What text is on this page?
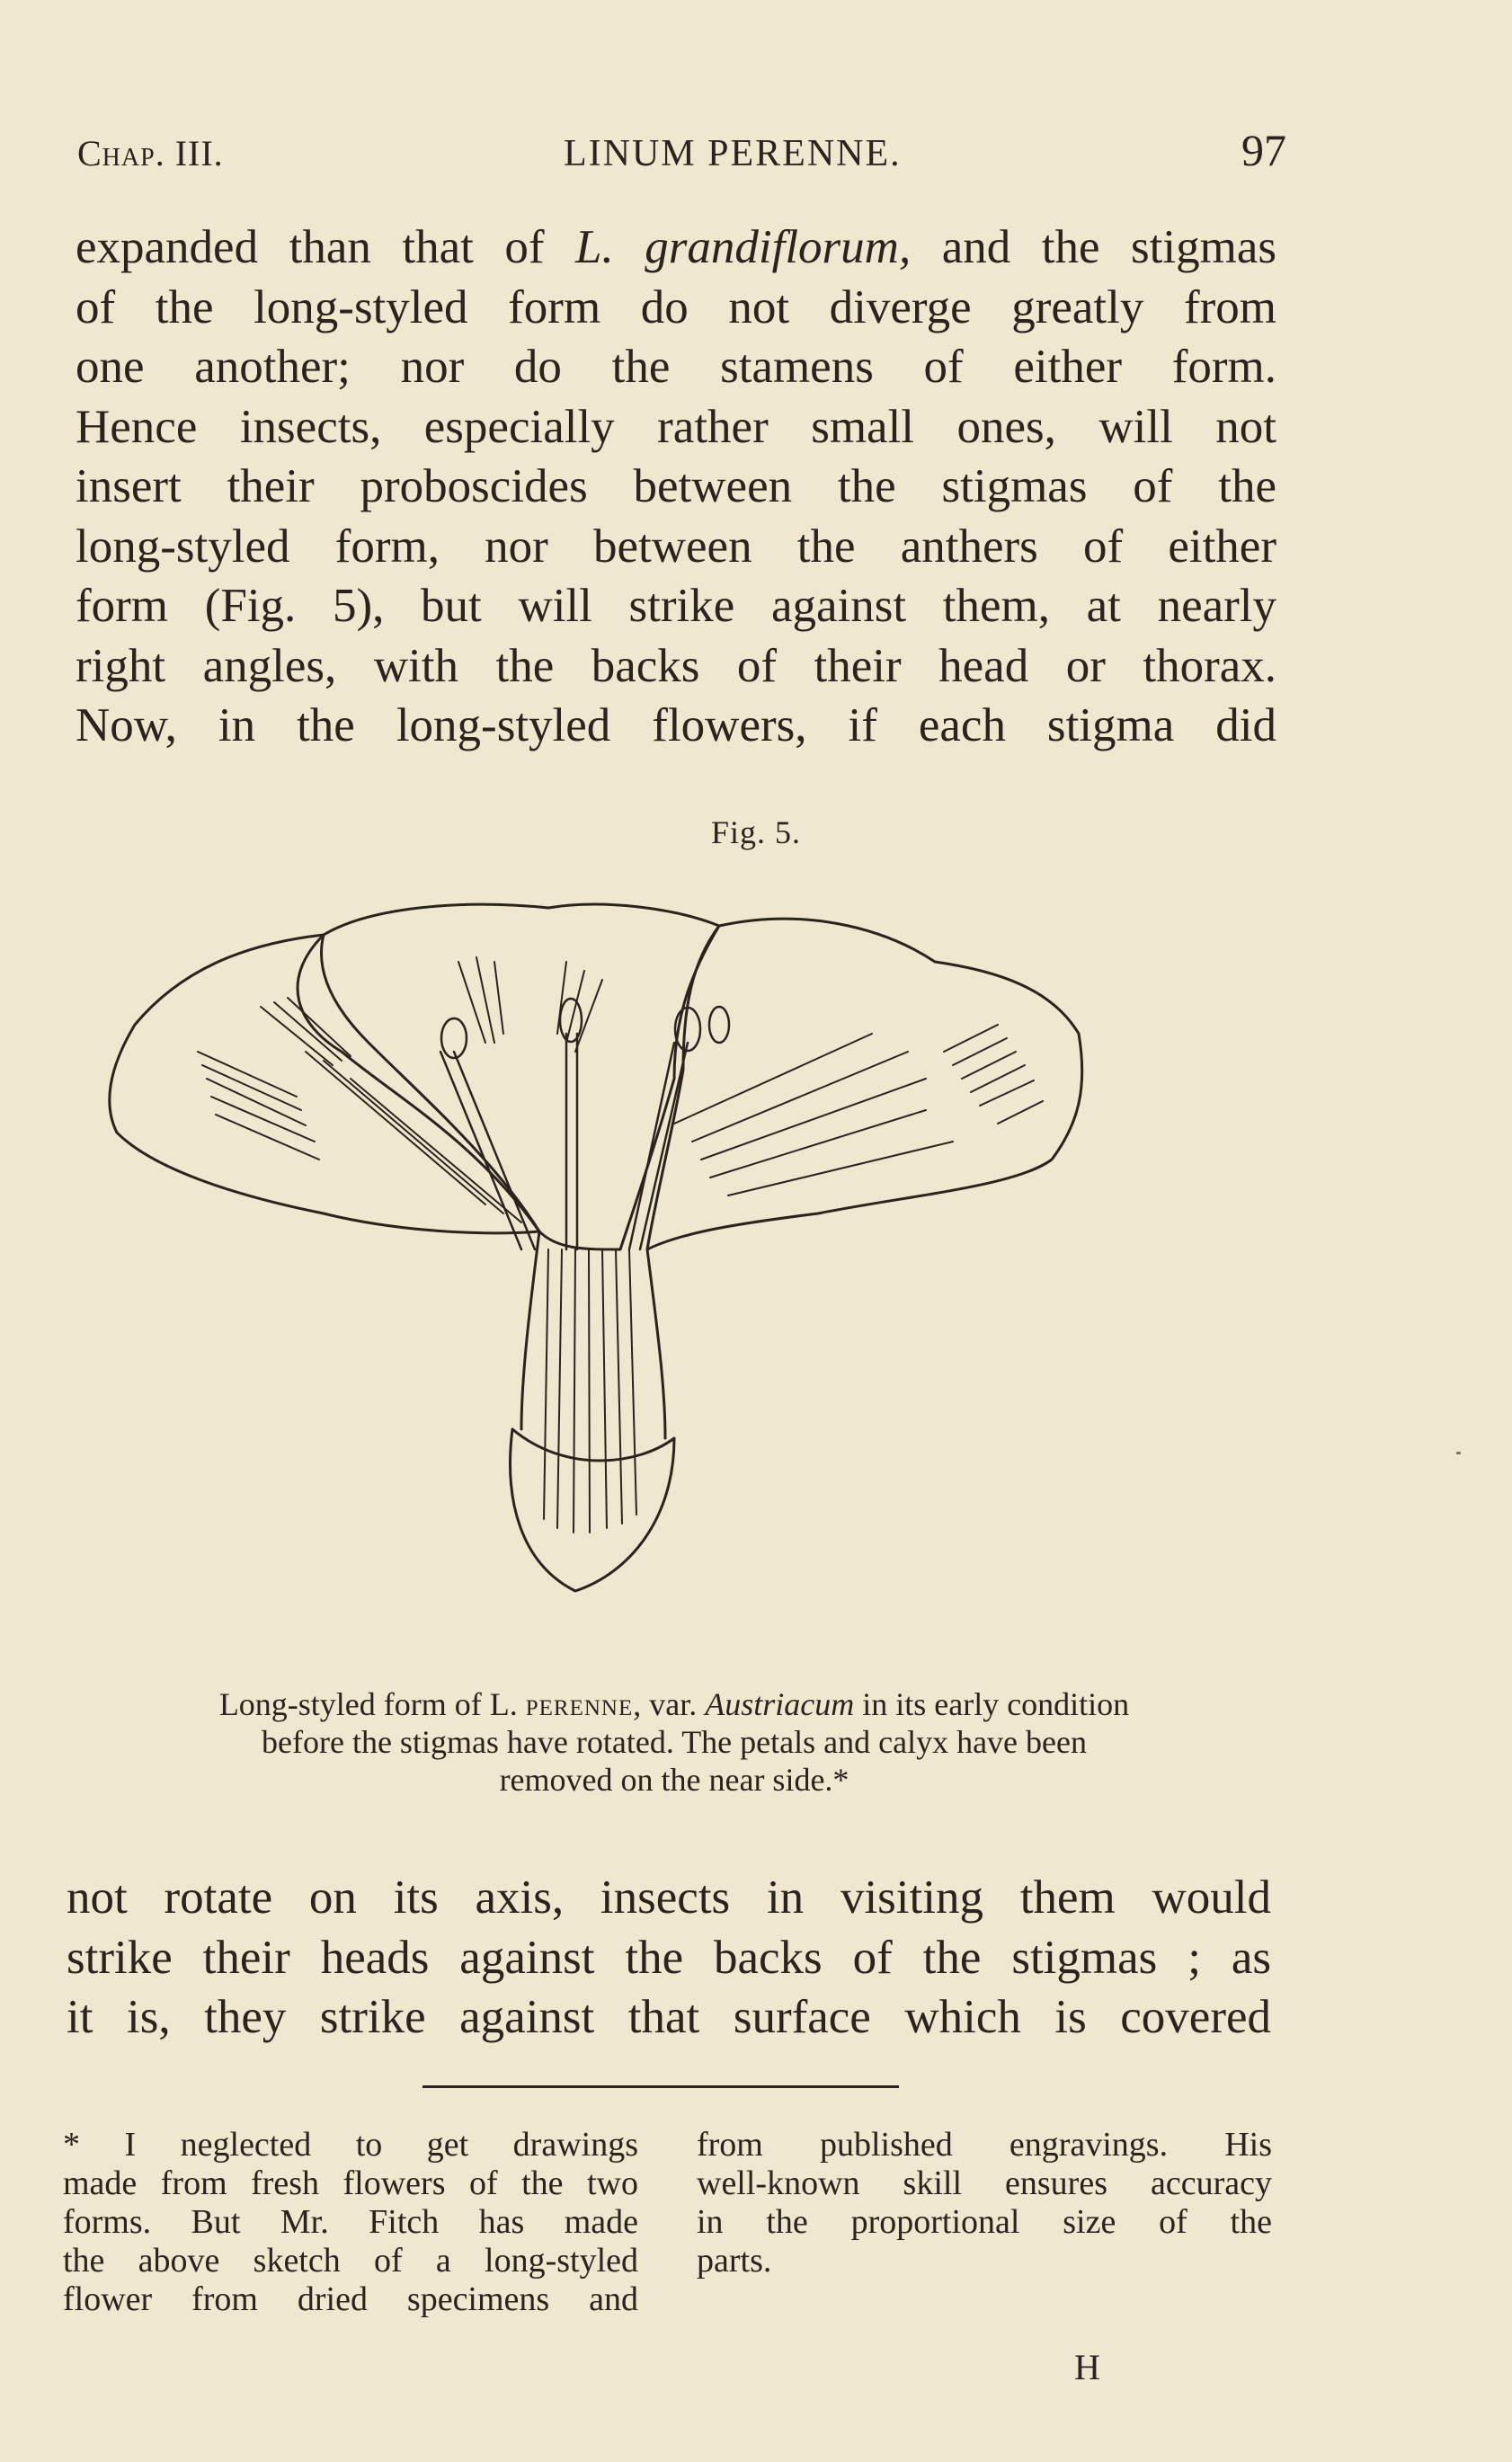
Chap. III.	LINUM PERENNE.	97
expanded than that of L. grandiflorum, and the stigmas
of the long-styled form do not diverge greatly from
one another; nor do the stamens of either form.
Hence insects, especially rather small ones, will not
insert their proboscides between the stigmas of the
long-styled form, nor between the anthers of either
form (Fig. 5), but will strike against them, at nearly
right angles, with the backs of their head or thorax.
Now, in the long-styled flowers, if each stigma did
Fig. 5.
Long-styled form of L. perenne, var. Austriacum in its early condition
before the stigmas have rotated. The petals and calyx have been
removed on the near side.*
not rotate on its axis, insects in visiting them would
strike their heads against the backs of the stigmas ; as
it is, they strike against that surface which is covered
* I neglected to get drawings
made from fresh flowers of the two
forms. But Mr. Fitch has made
the above sketch of a long-styled
flower from dried specimens and
from published engravings. His
well-known skill ensures accuracy
in the proportional size of the
parts.
H
